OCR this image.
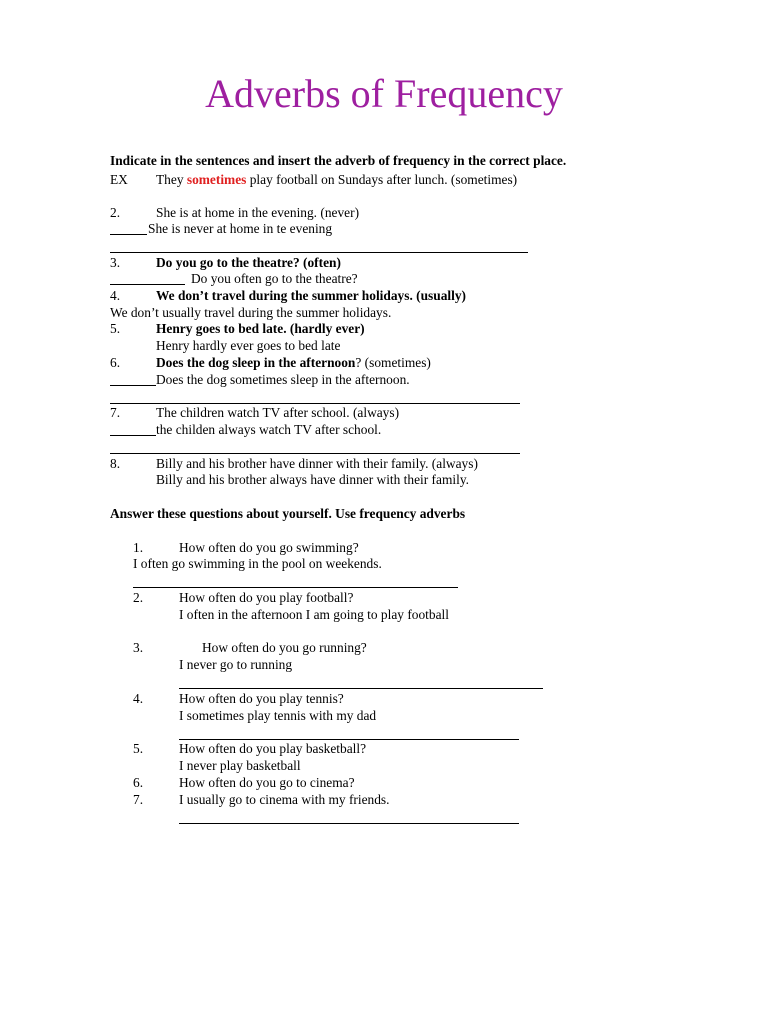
Adverbs of Frequency
Indicate in the sentences and insert the adverb of frequency in the correct place.
EX They sometimes play football on Sundays after lunch. (sometimes)
2.	She is at home in the evening. (never)
She is never at home in te evening
3.	Do you go to the theatre? (often)
Do you often go to the theatre?
4.	We don’t travel during the summer holidays. (usually)
We don’t usually travel during the summer holidays.
5.	Henry goes to bed late. (hardly ever)
Henry hardly ever goes to bed late
6.	Does the dog sleep in the afternoon? (sometimes)
Does the dog sometimes sleep in the afternoon.
7.	The children watch TV after school. (always)
the childen always watch TV after school.
8.	Billy and his brother have dinner with their family. (always)
Billy and his brother always have dinner with their family.
Answer these questions about yourself. Use frequency adverbs
1.	How often do you go swimming?
I often go swimming in the pool on weekends.
2.	How often do you play football?
I often in the afternoon I am going to play football
3.	How often do you go running?
I never go to running
4.	How often do you play tennis?
I sometimes play tennis with my dad
5.	How often do you play basketball?
I never play basketball
6.	How often do you go to cinema?
7.	I usually go to cinema with my friends.
